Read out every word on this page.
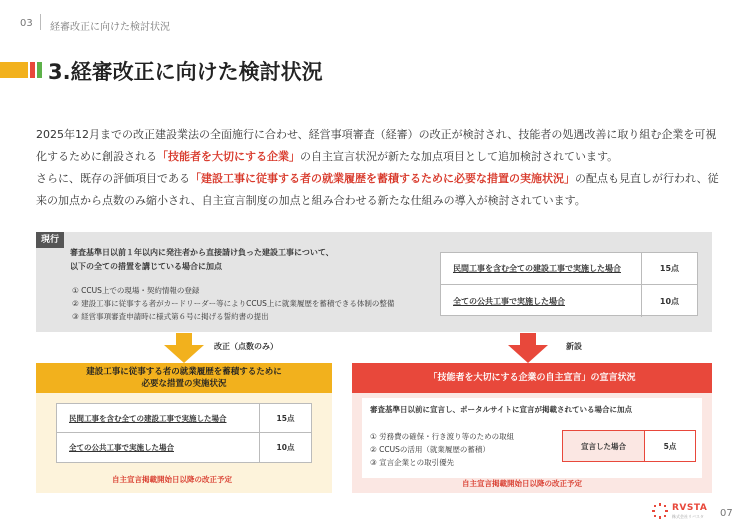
03 経審改正に向けた検討状況
3.経審改正に向けた検討状況

2025年12月までの改正建設業法の全面施行に合わせ、経営事項審査（経審）の改正が検討され、技能者の処遇改善に取り組む企業を可視化するために創設される「技能者を大切にする企業」の自主宣言状況が新たな加点項目として追加検討されています。

さらに、既存の評価項目である「建設工事に従事する者の就業履歴を蓄積するために必要な措置の実施状況」の配点も見直しが行われ、従来の加点から点数のみ縮小され、自主宣言制度の加点と組み合わせる新たな仕組みの導入が検討されています。

現行
審査基準日以前１年以内に発注者から直接請け負った建設工事について、
以下の全ての措置を講じている場合に加点
① CCUS上での現場・契約情報の登録
② 建設工事に従事する者がカードリーダー等によりCCUS上に就業履歴を蓄積できる体制の整備
③ 経営事項審査申請時に様式第６号に掲げる誓約書の提出
民間工事を含む全ての建設工事で実施した場合	15点
全ての公共工事で実施した場合	10点
改正（点数のみ）	新設
建設工事に従事する者の就業履歴を蓄積するために
必要な措置の実施状況
民間工事を含む全ての建設工事で実施した場合	15点
全ての公共工事で実施した場合	10点
自主宣言掲載開始日以降の改正予定
「技能者を大切にする企業の自主宣言」の宣言状況
審査基準日以前に宣言し、ポータルサイトに宣言が掲載されている場合に加点
① 労務費の確保・行き渡り等のための取組
② CCUSの活用（就業履歴の蓄積）
③ 宣言企業との取引優先
宣言した場合	5点
自主宣言掲載開始日以降の改正予定
RVSTA
株式会社リバスタ 07
